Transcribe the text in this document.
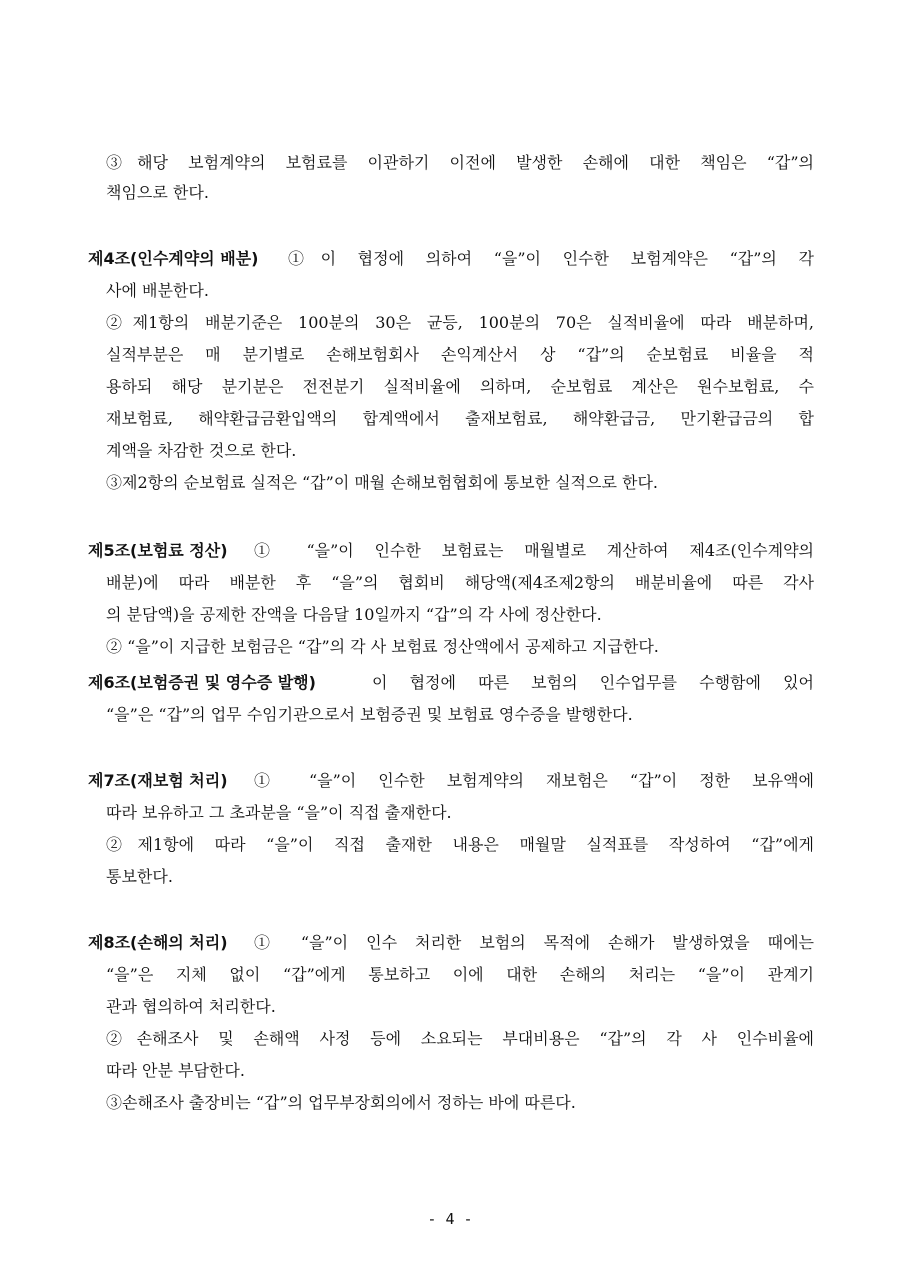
③해당 보험계약의 보험료를 이관하기 이전에 발생한 손해에 대한 책임은 “갑”의
책임으로 한다.
제4조(인수계약의 배분) ①이 협정에 의하여 “을”이 인수한 보험계약은 “갑”의 각
사에 배분한다.
②제1항의 배분기준은 100분의 30은 균등, 100분의 70은 실적비율에 따라 배분하며,
실적부분은 매 분기별로 손해보험회사 손익계산서 상 “갑”의 순보험료 비율을 적
용하되 해당 분기분은 전전분기 실적비율에 의하며, 순보험료 계산은 원수보험료, 수
재보험료, 해약환급금환입액의 합계액에서 출재보험료, 해약환급금, 만기환급금의 합
계액을 차감한 것으로 한다.
③제2항의 순보험료 실적은 “갑”이 매월 손해보험협회에 통보한 실적으로 한다.
제5조(보험료 정산) ① “을”이 인수한 보험료는 매월별로 계산하여 제4조(인수계약의
배분)에 따라 배분한 후 “을”의 협회비 해당액(제4조제2항의 배분비율에 따른 각사
의 분담액)을 공제한 잔액을 다음달 10일까지 “갑”의 각 사에 정산한다.
② “을”이 지급한 보험금은 “갑”의 각 사 보험료 정산액에서 공제하고 지급한다.
제6조(보험증권 및 영수증 발행)	이 협정에 따른 보험의 인수업무를 수행함에 있어
“을”은 “갑”의 업무 수임기관으로서 보험증권 및 보험료 영수증을 발행한다.
제7조(재보험 처리) ① “을”이 인수한 보험계약의 재보험은 “갑”이 정한 보유액에
따라 보유하고 그 초과분을 “을”이 직접 출재한다.
②제1항에 따라 “을”이 직접 출재한 내용은 매월말 실적표를 작성하여 “갑”에게
통보한다.
제8조(손해의 처리) ① “을”이 인수 처리한 보험의 목적에 손해가 발생하였을 때에는
“을”은 지체 없이 “갑”에게 통보하고 이에 대한 손해의 처리는 “을”이 관계기
관과 협의하여 처리한다.
②손해조사 및 손해액 사정 등에 소요되는 부대비용은 “갑”의 각 사 인수비율에
따라 안분 부담한다.
③손해조사 출장비는 “갑”의 업무부장회의에서 정하는 바에 따른다.
- 4 -
